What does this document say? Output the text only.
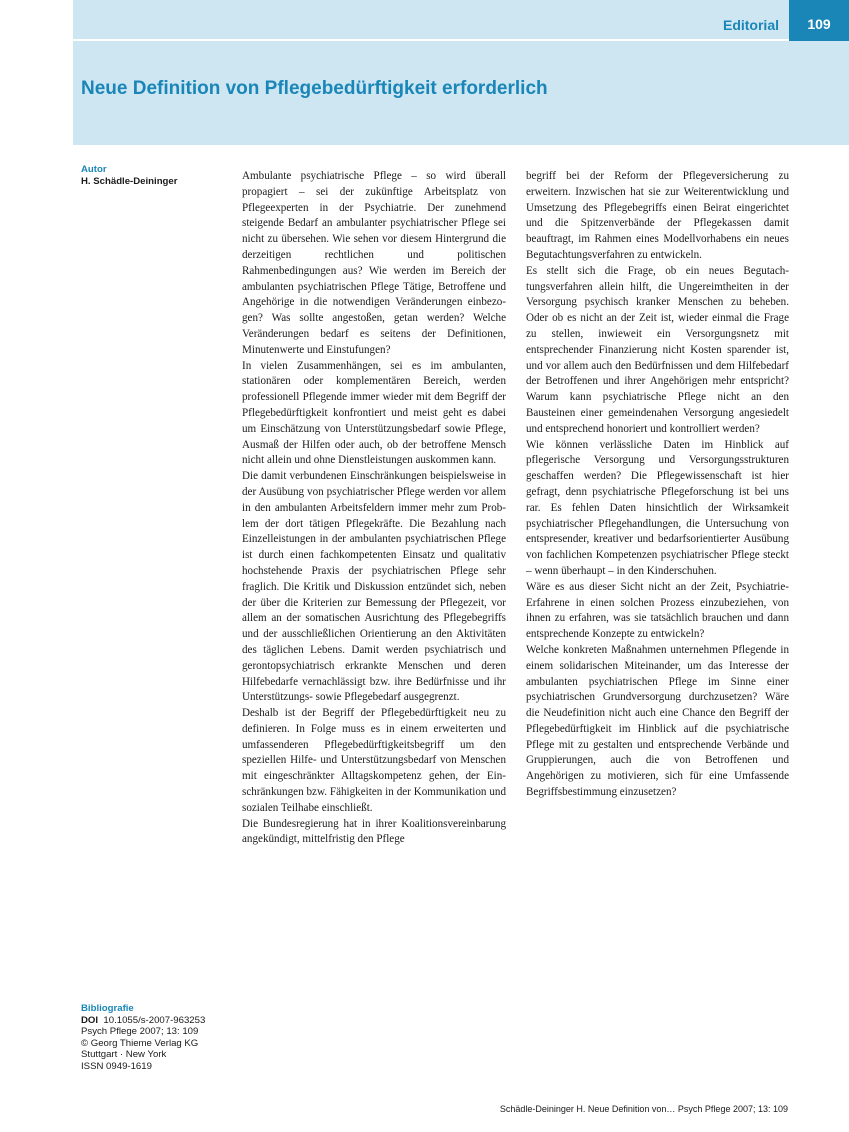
Editorial	109
Neue Definition von Pflegebedürftigkeit erforderlich
Autor
H. Schädle-Deininger	Ambulante psychiatrische Pflege – so wird überall propagiert – sei der zukünftige Arbeitsplatz von Pflegeexperten in der Psychiatrie. Der zunehmend steigende Bedarf an ambulanter psychiatrischer Pflege sei nicht zu übersehen. Wie sehen vor diesem Hintergrund die derzeitigen rechtlichen und politischen Rahmenbedingungen aus? Wie werden im Bereich der ambulanten psychiatrischen Pflege Tätige, Betroffene und Angehörige in die notwendigen Veränderungen einbezogen? Was sollte angestoßen, getan werden? Welche Veränderungen bedarf es seitens der Definitionen, Minutenwerte und Einstufungen?

In vielen Zusammenhängen, sei es im ambulanten, stationären oder komplementären Bereich, werden professionell Pflegende immer wieder mit dem Begriff der Pflegebedürftigkeit konfrontiert und meist geht es dabei um Einschätzung von Unterstützungsbedarf sowie Pflege, Ausmaß der Hilfen oder auch, ob der betroffene Mensch nicht allein und ohne Dienstleistungen auskommen kann.

Die damit verbundenen Einschränkungen beispielsweise in der Ausübung von psychiatrischer Pflege werden vor allem in den ambulanten Arbeitsfeldern immer mehr zum Problem der dort tätigen Pflegekräfte. Die Bezahlung nach Einzelleistungen in der ambulanten psychiatrischen Pflege ist durch einen fachkompetenten Einsatz und qualitativ hochstehende Praxis der psychiatrischen Pflege sehr fraglich. Die Kritik und Diskussion entzündet sich, neben der über die Kriterien zur Bemessung der Pflegezeit, vor allem an der somatischen Ausrichtung des Pflegebegriffs und der ausschließlichen Orientierung an den Aktivitäten des täglichen Lebens. Damit werden psychiatrisch und gerontopsychiatrisch erkrankte Menschen und deren Hilfebedarfe vernachlässigt bzw. ihre Bedürfnisse und ihr Unterstützungs- sowie Pflegebedarf ausgegrenzt.

Deshalb ist der Begriff der Pflegebedürftigkeit neu zu definieren. In Folge muss es in einem erweiterten und umfassenderen Pflegebedürftigkeitsbegriff um den speziellen Hilfe- und Unterstützungsbedarf von Menschen mit eingeschränkter Alltagskompetenz gehen, der Einschränkungen bzw. Fähigkeiten in der Kommunikation und sozialen Teilhabe einschließt.

Die Bundesregierung hat in ihrer Koalitionsvereinbarung angekündigt, mittelfristig den Pflege

begriff bei der Reform der Pflegeversicherung zu erweitern. Inzwischen hat sie zur Weiterentwicklung und Umsetzung des Pflegebegriffs einen Beirat eingerichtet und die Spitzenverbände der Pflegekassen damit beauftragt, im Rahmen eines Modellvorhabens ein neues Begutachtungsverfahren zu entwickeln.

Es stellt sich die Frage, ob ein neues Begutachtungsverfahren allein hilft, die Ungereimtheiten in der Versorgung psychisch kranker Menschen zu beheben. Oder ob es nicht an der Zeit ist, wieder einmal die Frage zu stellen, inwieweit ein Versorgungsnetz mit entsprechender Finanzierung nicht Kosten sparender ist, und vor allem auch den Bedürfnissen und dem Hilfebedarf der Betroffenen und ihrer Angehörigen mehr entspricht? Warum kann psychiatrische Pflege nicht an den Bausteinen einer gemeindenahen Versorgung angesiedelt und entsprechend honoriert und kontrolliert werden?

Wie können verlässliche Daten im Hinblick auf pflegerische Versorgung und Versorgungsstrukturen geschaffen werden? Die Pflegewissenschaft ist hier gefragt, denn psychiatrische Pflegeforschung ist bei uns rar. Es fehlen Daten hinsichtlich der Wirksamkeit psychiatrischer Pflegehandlungen, die Untersuchung von entspresender, kreativer und bedarfsorientierter Ausübung von fachlichen Kompetenzen psychiatrischer Pflege steckt – wenn überhaupt – in den Kinderschuhen.

Wäre es aus dieser Sicht nicht an der Zeit, Psychiatrie-Erfahrene in einen solchen Prozess einzubeziehen, von ihnen zu erfahren, was sie tatsächlich brauchen und dann entsprechende Konzepte zu entwickeln?

Welche konkreten Maßnahmen unternehmen Pflegende in einem solidarischen Miteinander, um das Interesse der ambulanten psychiatrischen Pflege im Sinne einer psychiatrischen Grundversorgung durchzusetzen? Wäre die Neudefinition nicht auch eine Chance den Begriff der Pflegebedürftigkeit im Hinblick auf die psychiatrische Pflege mit zu gestalten und entsprechende Verbände und Gruppierungen, auch die von Betroffenen und Angehörigen zu motivieren, sich für eine Umfassende Begriffsbestimmung einzusetzen?

Bibliografie
DOI 10.1055/s-2007-963253
Psych Pflege 2007; 13: 109
© Georg Thieme Verlag KG
Stuttgart · New York
ISSN 0949-1619
Schädle-Deininger H. Neue Definition von… Psych Pflege 2007; 13: 109
